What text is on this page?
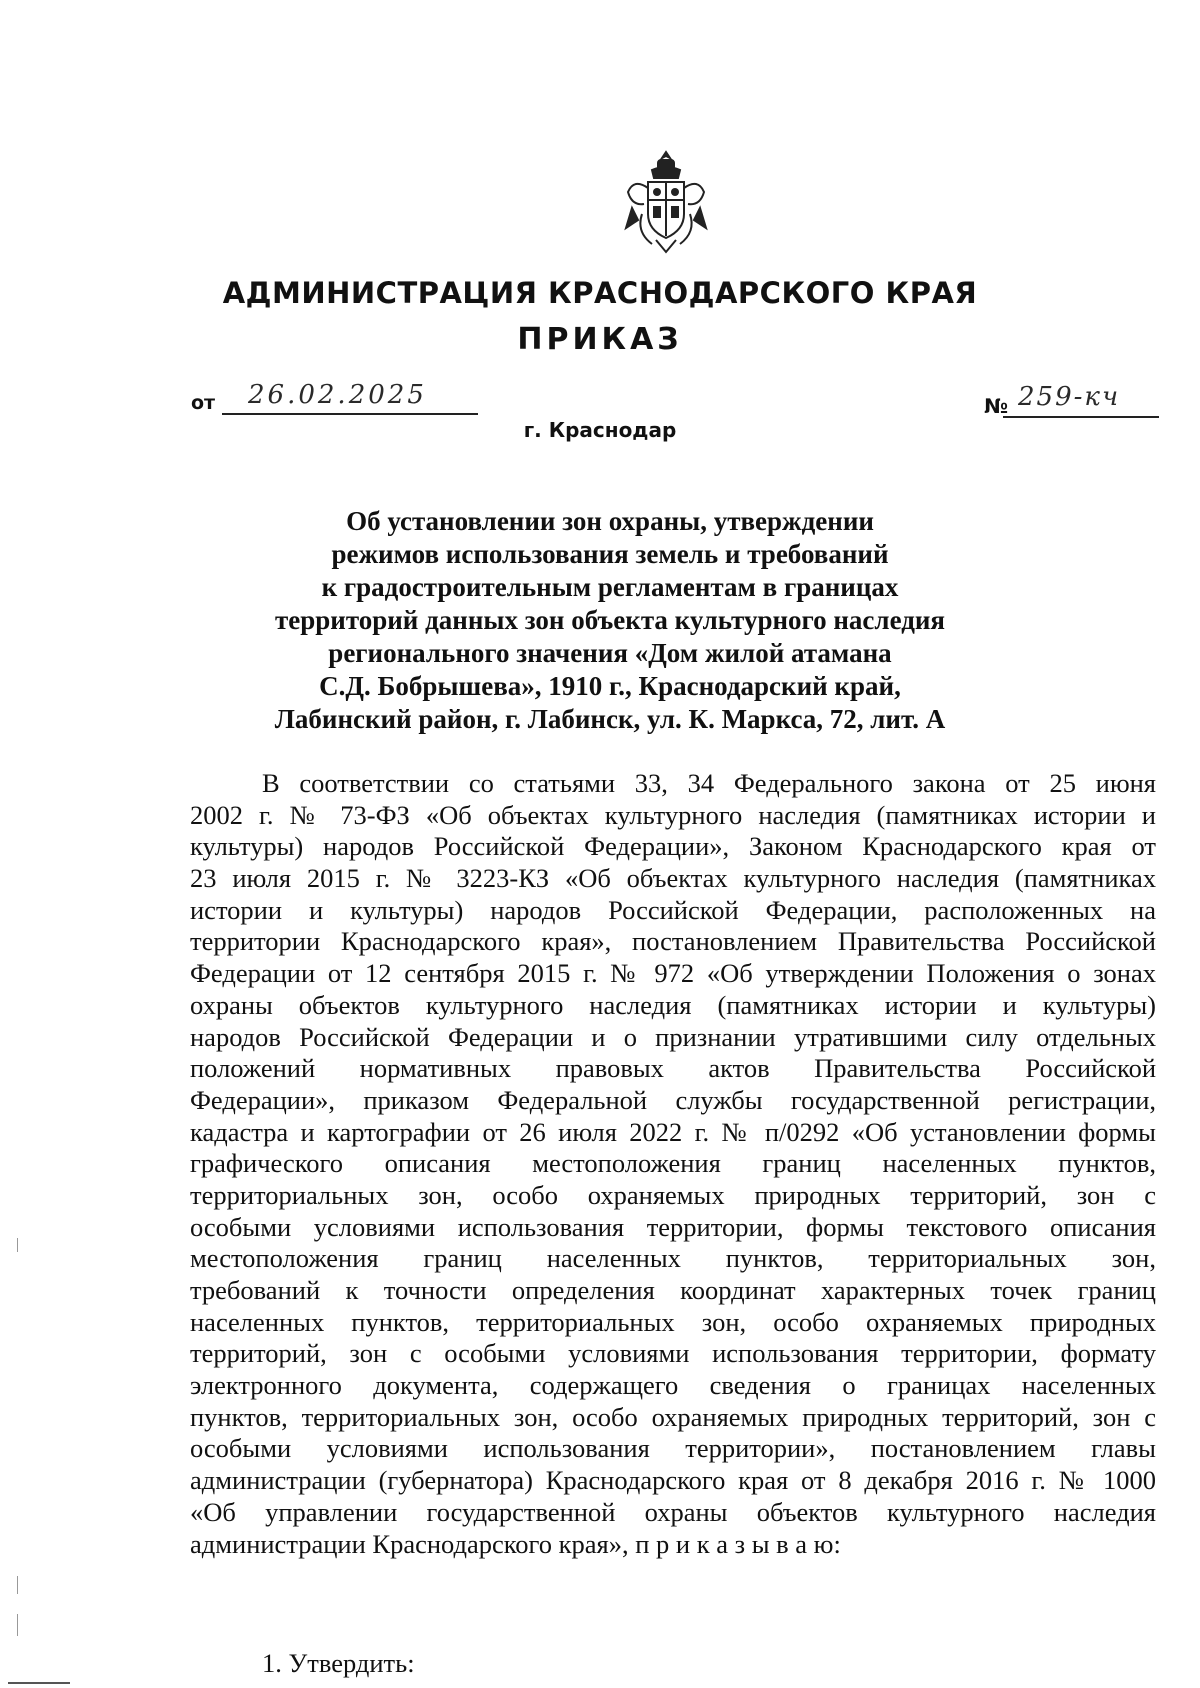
АДМИНИСТРАЦИЯ КРАСНОДАРСКОГО КРАЯ
ПРИКАЗ
от 26.02.2025	№ 259-кч
г. Краснодар
Об установлении зон охраны, утверждении
режимов использования земель и требований
к градостроительным регламентам в границах
территорий данных зон объекта культурного наследия
регионального значения «Дом жилой атамана
С.Д. Бобрышева», 1910 г., Краснодарский край,
Лабинский район, г. Лабинск, ул. К. Маркса, 72, лит. А
В соответствии со статьями 33, 34 Федерального закона от 25 июня
2002 г. № 73-ФЗ «Об объектах культурного наследия (памятниках истории и
культуры) народов Российской Федерации», Законом Краснодарского края от
23 июля 2015 г. № 3223-КЗ «Об объектах культурного наследия (памятниках
истории и культуры) народов Российской Федерации, расположенных на
территории Краснодарского края», постановлением Правительства Российской
Федерации от 12 сентября 2015 г. № 972 «Об утверждении Положения о зонах
охраны объектов культурного наследия (памятниках истории и культуры)
народов Российской Федерации и о признании утратившими силу отдельных
положений нормативных правовых актов Правительства Российской
Федерации», приказом Федеральной службы государственной регистрации,
кадастра и картографии от 26 июля 2022 г. № п/0292 «Об установлении формы
графического описания местоположения границ населенных пунктов,
территориальных зон, особо охраняемых природных территорий, зон с
особыми условиями использования территории, формы текстового описания
местоположения границ населенных пунктов, территориальных зон,
требований к точности определения координат характерных точек границ
населенных пунктов, территориальных зон, особо охраняемых природных
территорий, зон с особыми условиями использования территории, формату
электронного документа, содержащего сведения о границах населенных
пунктов, территориальных зон, особо охраняемых природных территорий, зон с
особыми условиями использования территории», постановлением главы
администрации (губернатора) Краснодарского края от 8 декабря 2016 г. № 1000
«Об управлении государственной охраны объектов культурного наследия
администрации Краснодарского края», п р и к а з ы в а ю:
1. Утвердить:
